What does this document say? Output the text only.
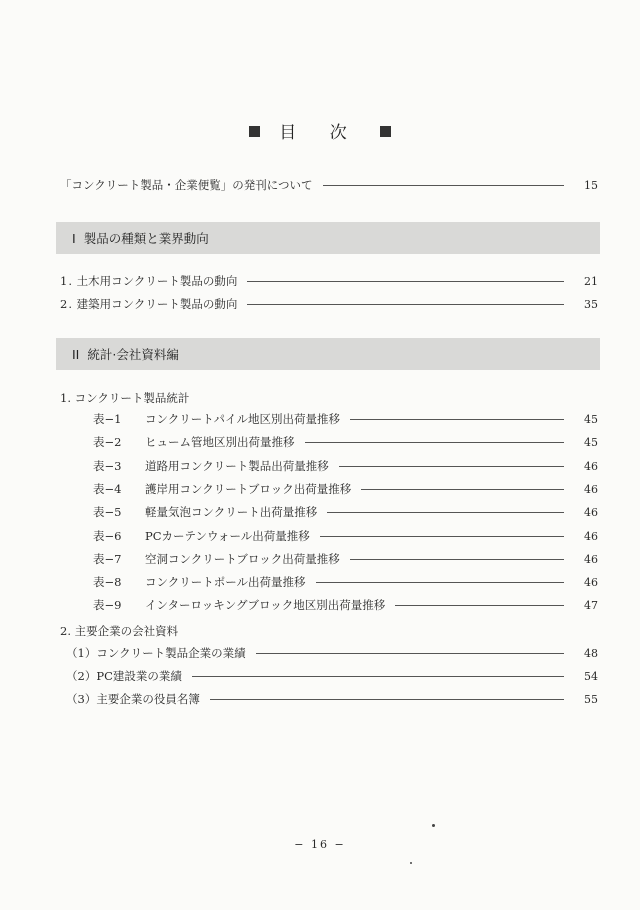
目 次
「コンクリート製品・企業便覧」の発刊について	15
I 製品の種類と業界動向
1. 土木用コンクリート製品の動向	21
2. 建築用コンクリート製品の動向	35
II 統計·会社資料編
1. コンクリート製品統計
表−1 コンクリートパイル地区別出荷量推移	45
表−2 ヒューム管地区別出荷量推移	45
表−3 道路用コンクリート製品出荷量推移	46
表−4 護岸用コンクリートブロック出荷量推移	46
表−5 軽量気泡コンクリート出荷量推移	46
表−6 PCカーテンウォール出荷量推移	46
表−7 空洞コンクリートブロック出荷量推移	46
表−8 コンクリートポール出荷量推移	46
表−9 インターロッキングブロック地区別出荷量推移	47
2. 主要企業の会社資料
（1）コンクリート製品企業の業績	48
（2）PC建設業の業績	54
（3）主要企業の役員名簿	55
− 16 −
